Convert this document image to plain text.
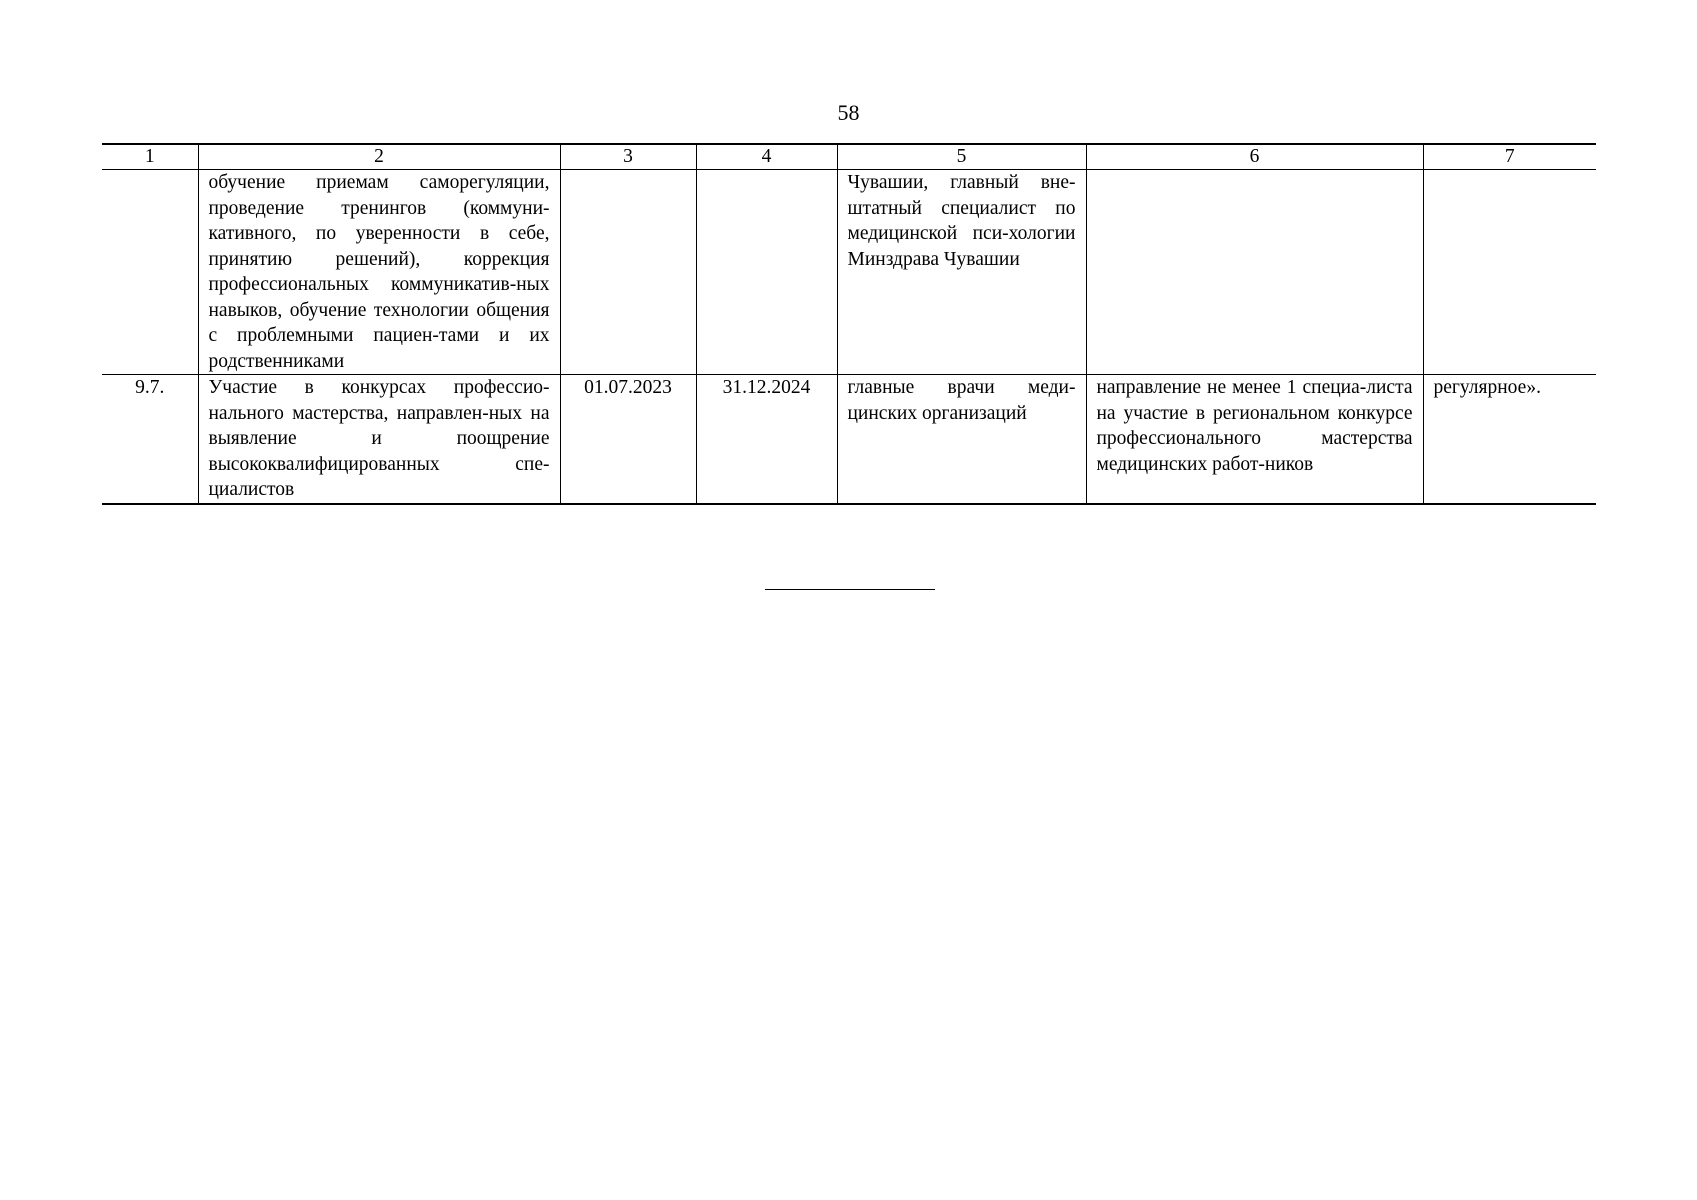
58
1	2	3	4	5	6	7
	обучение приемам саморегуляции, проведение тренингов (коммуни-кативного, по уверенности в себе, принятию решений), коррекция профессиональных коммуникатив-ных навыков, обучение технологии общения с проблемными пациен-тами и их родственниками			Чувашии, главный вне-штатный специалист по медицинской пси-хологии Минздрава Чувашии		
9.7.	Участие в конкурсах профессио-нального мастерства, направлен-ных на выявление и поощрение высококвалифицированных спе-циалистов	01.07.2023	31.12.2024	главные врачи меди-цинских организаций	направление не менее 1 специа-листа на участие в региональном конкурсе профессионального мастерства медицинских работ-ников	регулярное».
